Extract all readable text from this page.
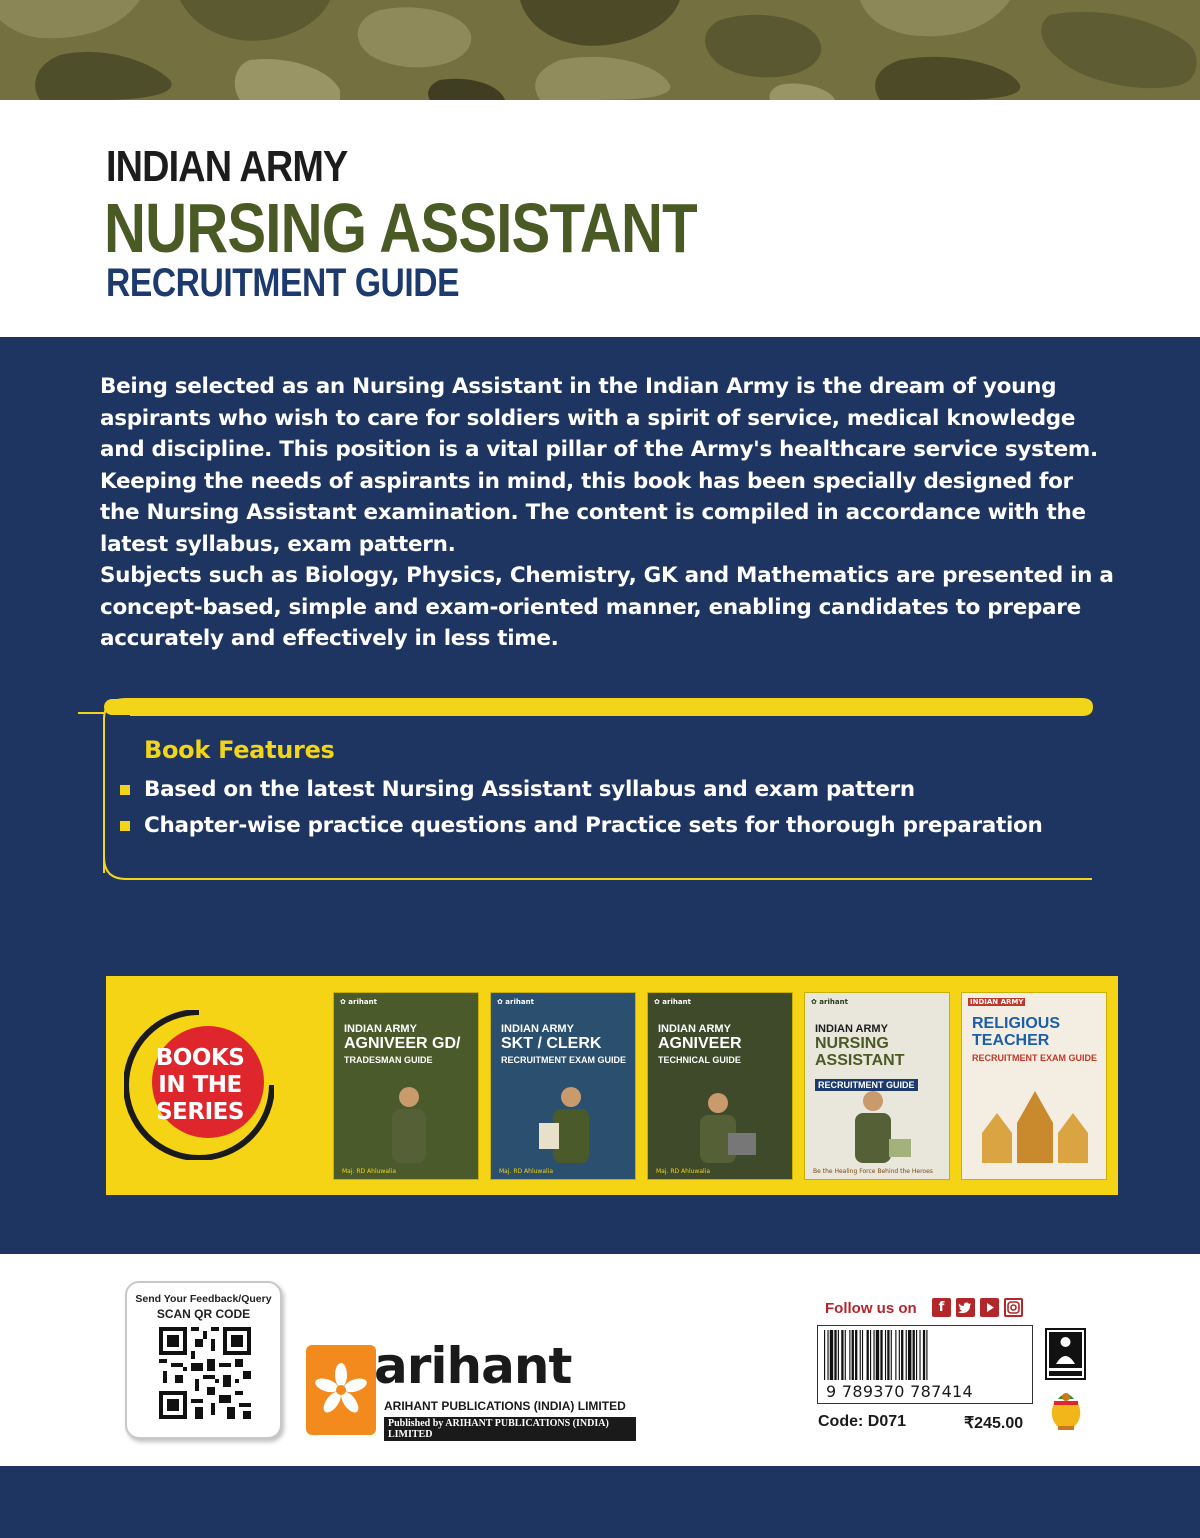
INDIAN ARMY
NURSING ASSISTANT
RECRUITMENT GUIDE

Being selected as an Nursing Assistant in the Indian Army is the dream of young aspirants who wish to care for soldiers with a spirit of service, medical knowledge and discipline. This position is a vital pillar of the Army's healthcare service system.

Keeping the needs of aspirants in mind, this book has been specially designed for the Nursing Assistant examination. The content is compiled in accordance with the latest syllabus, exam pattern.

Subjects such as Biology, Physics, Chemistry, GK and Mathematics are presented in a concept-based, simple and exam-oriented manner, enabling candidates to prepare accurately and effectively in less time.

Book Features
Based on the latest Nursing Assistant syllabus and exam pattern
Chapter-wise practice questions and Practice sets for thorough preparation
BOOKS
IN THE
SERIES
✿ arihant
INDIAN ARMY
AGNIVEER GD/
TRADESMAN GUIDE
Maj. RD Ahluwalia
✿ arihant
INDIAN ARMY
SKT / CLERK
RECRUITMENT EXAM GUIDE
Maj. RD Ahluwalia
✿ arihant
INDIAN ARMY
AGNIVEER
TECHNICAL GUIDE
Maj. RD Ahluwalia
✿ arihant
INDIAN ARMY
NURSING ASSISTANT
RECRUITMENT GUIDE
Be the Healing Force Behind the Heroes
INDIAN ARMY
RELIGIOUS TEACHER
RECRUITMENT EXAM GUIDE
Send Your Feedback/Query
SCAN QR CODE
arihant
ARIHANT PUBLICATIONS (INDIA) LIMITED
Published by ARIHANT PUBLICATIONS (INDIA) LIMITED
Follow us on	f
9 789370 787414
Code: D071	₹245.00
